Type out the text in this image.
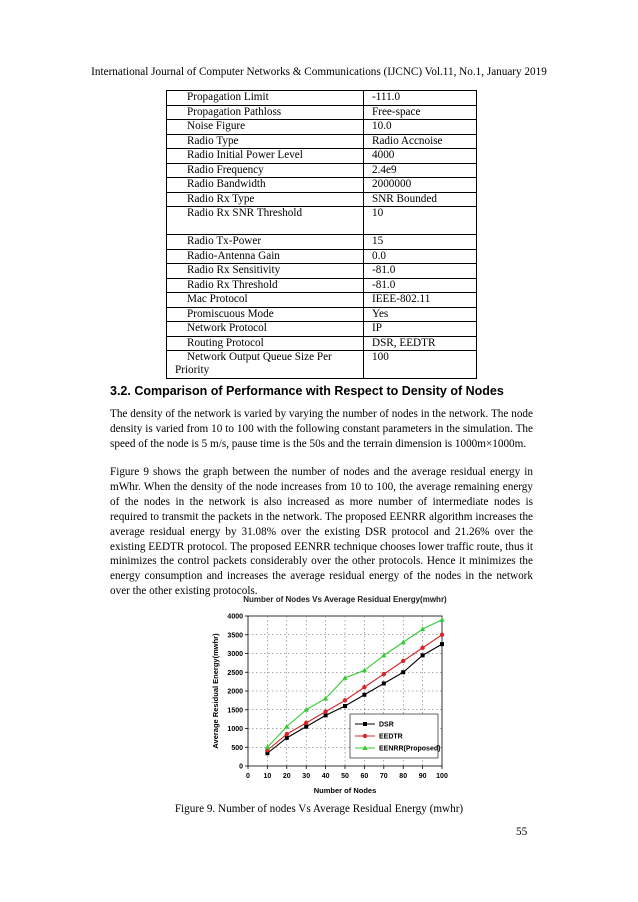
International Journal of Computer Networks & Communications (IJCNC) Vol.11, No.1, January 2019
Propagation Limit	-111.0
Propagation Pathloss	Free-space
Noise Figure	10.0
Radio Type	Radio Accnoise
Radio Initial Power Level	4000
Radio Frequency	2.4e9
Radio Bandwidth	2000000
Radio Rx Type	SNR Bounded
Radio Rx SNR Threshold	10
Radio Tx-Power	15
Radio-Antenna Gain	0.0
Radio Rx Sensitivity	-81.0
Radio Rx Threshold	-81.0
Mac Protocol	IEEE-802.11
Promiscuous Mode	Yes
Network Protocol	IP
Routing Protocol	DSR, EEDTR
Network Output Queue Size Per Priority	100
3.2. Comparison of Performance with Respect to Density of Nodes

The density of the network is varied by varying the number of nodes in the network. The node density is varied from 10 to 100 with the following constant parameters in the simulation. The speed of the node is 5 m/s, pause time is the 50s and the terrain dimension is 1000m×1000m.

Figure 9 shows the graph between the number of nodes and the average residual energy in mWhr. When the density of the node increases from 10 to 100, the average remaining energy of the nodes in the network is also increased as more number of intermediate nodes is required to transmit the packets in the network. The proposed EENRR algorithm increases the average residual energy by 31.08% over the existing DSR protocol and 21.26% over the existing EEDTR protocol. The proposed EENRR technique chooses lower traffic route, thus it minimizes the control packets considerably over the other protocols. Hence it minimizes the energy consumption and increases the average residual energy of the nodes in the network over the other existing protocols.

Number of Nodes Vs Average Residual Energy(mwhr)
0 10 20 30 40 50 60 70 80 90 100
0
500
1000
1500
2000
2500
3000
3500
4000
Number of Nodes
Average Residual Energy(mwhr)	DSR
EEDTR
EENRR(Proposed)
Figure 9. Number of nodes Vs Average Residual Energy (mwhr)
55
